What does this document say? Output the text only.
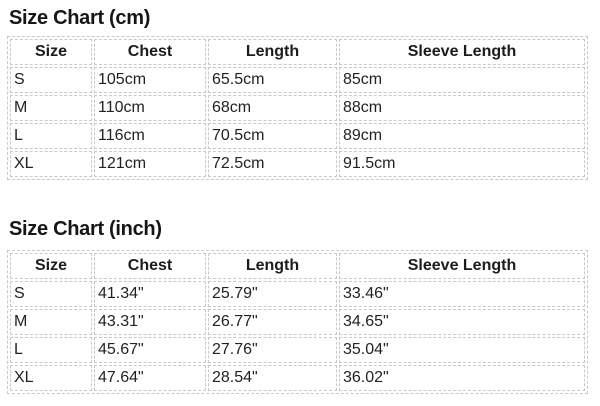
Size Chart (cm)
Size	Chest	Length	Sleeve Length
S	105cm	65.5cm	85cm
M	110cm	68cm	88cm
L	116cm	70.5cm	89cm
XL	121cm	72.5cm	91.5cm
Size Chart (inch)
Size	Chest	Length	Sleeve Length
S	41.34"	25.79"	33.46"
M	43.31"	26.77"	34.65"
L	45.67"	27.76"	35.04"
XL	47.64"	28.54"	36.02"
